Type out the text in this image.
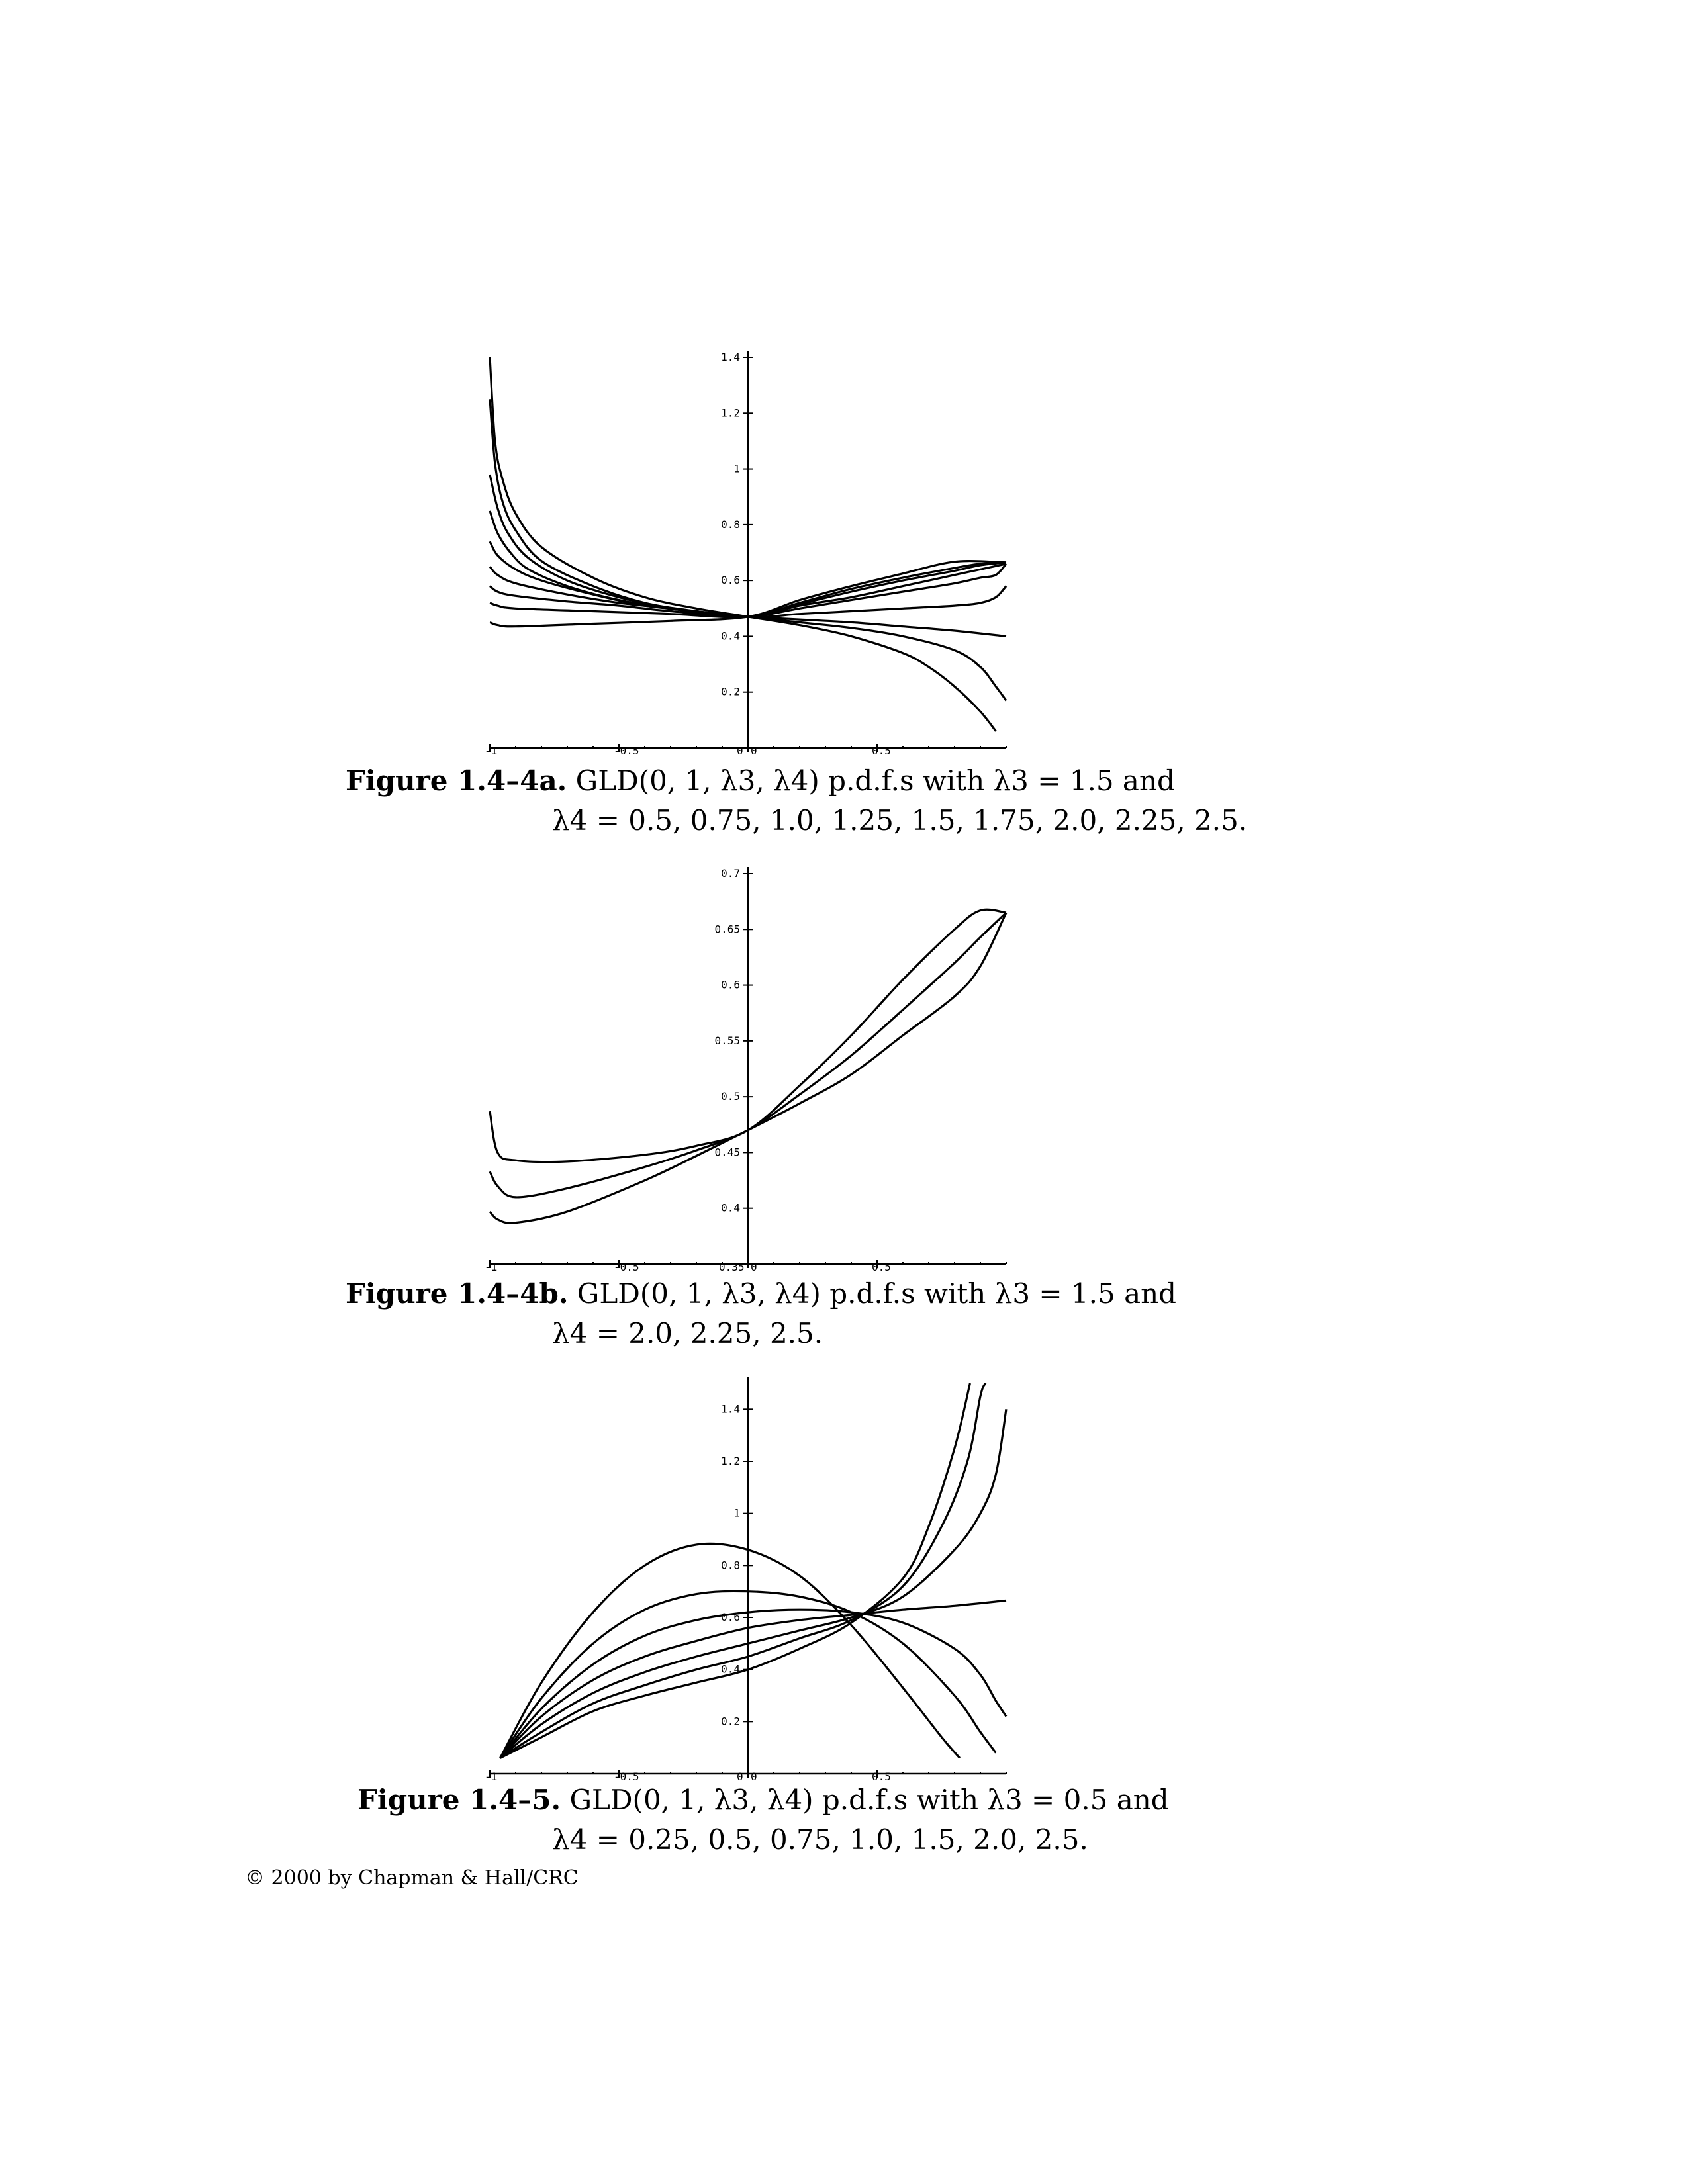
-1	-0.5	0	0.5
0
0.2
0.4
0.6
0.8
1
1.2
1.4
Figure 1.4–4a. GLD(0, 1, λ3, λ4) p.d.f.s with λ3 = 1.5 and
λ4 = 0.5, 0.75, 1.0, 1.25, 1.5, 1.75, 2.0, 2.25, 2.5.
-1	-0.5	0	0.5
0.35
0.4
0.45
0.5
0.55
0.6
0.65
0.7
Figure 1.4–4b. GLD(0, 1, λ3, λ4) p.d.f.s with λ3 = 1.5 and
λ4 = 2.0, 2.25, 2.5.
-1	-0.5	0	0.5
0
0.2
0.4
0.6
0.8
1
1.2
1.4
Figure 1.4–5. GLD(0, 1, λ3, λ4) p.d.f.s with λ3 = 0.5 and
λ4 = 0.25, 0.5, 0.75, 1.0, 1.5, 2.0, 2.5.
© 2000 by Chapman & Hall/CRC
